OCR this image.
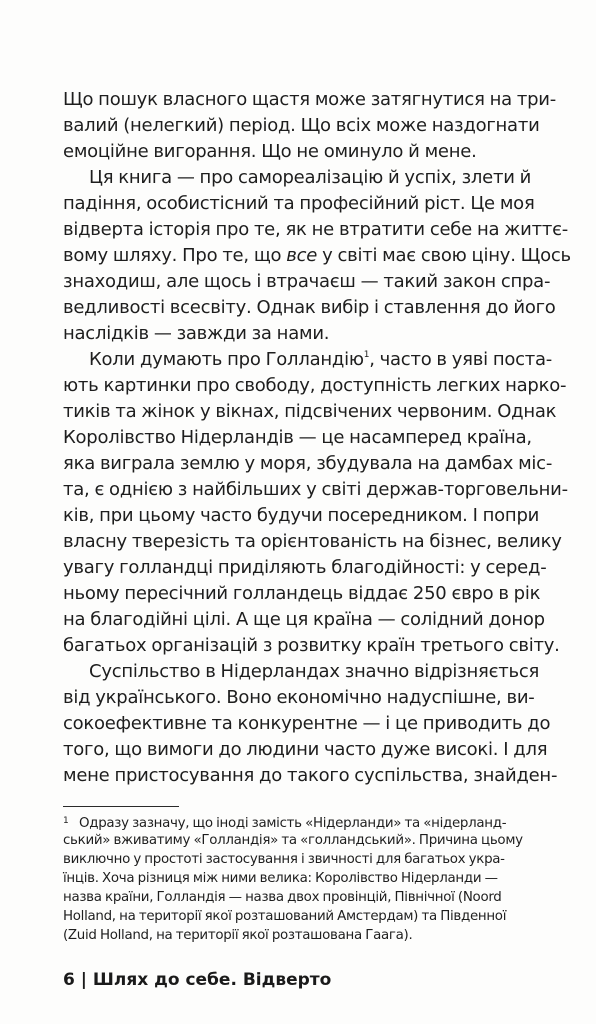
Що пошук власного щастя може затягнутися на три-
валий (нелегкий) період. Що всіх може наздогнати
емоційне вигорання. Що не оминуло й мене.
Ця книга — про самореалізацію й успіх, злети й
падіння, особистісний та професійний ріст. Це моя
відверта історія про те, як не втратити себе на життє-
вому шляху. Про те, що все у світі має свою ціну. Щось
знаходиш, але щось і втрачаєш — такий закон спра-
ведливості всесвіту. Однак вибір і ставлення до його
наслідків — завжди за нами.
Коли думають про Голландію$^1$, часто в уяві поста-
ють картинки про свободу, доступність легких нарко-
тиків та жінок у вікнах, підсвічених червоним. Однак
Королівство Нідерландів — це насамперед країна,
яка виграла землю у моря, збудувала на дамбах міс-
та, є однією з найбільших у світі держав-торговельни-
ків, при цьому часто будучи посередником. І попри
власну тверезість та орієнтованість на бізнес, велику
увагу голландці приділяють благодійності: у серед-
ньому пересічний голландець віддає 250 євро в рік
на благодійні цілі. А ще ця країна — солідний донор
багатьох організацій з розвитку країн третього світу.
Суспільство в Нідерландах значно відрізняється
від українського. Воно економічно надуспішне, ви-
сокоефективне та конкурентне — і це приводить до
того, що вимоги до людини часто дуже високі. І для
мене пристосування до такого суспільства, знайден-
1 Одразу зазначу, що іноді замість «Нідерланди» та «нідерланд-
ський» вживатиму «Голландія» та «голландський». Причина цьому
виключно у простоті застосування і звичності для багатьох укра-
їнців. Хоча різниця між ними велика: Королівство Нідерланди —
назва країни, Голландія — назва двох провінцій, Північної (Noord
Holland, на території якої розташований Амстердам) та Південної
(Zuid Holland, на території якої розташована Гаага).
6 | Шлях до себе. Відверто
